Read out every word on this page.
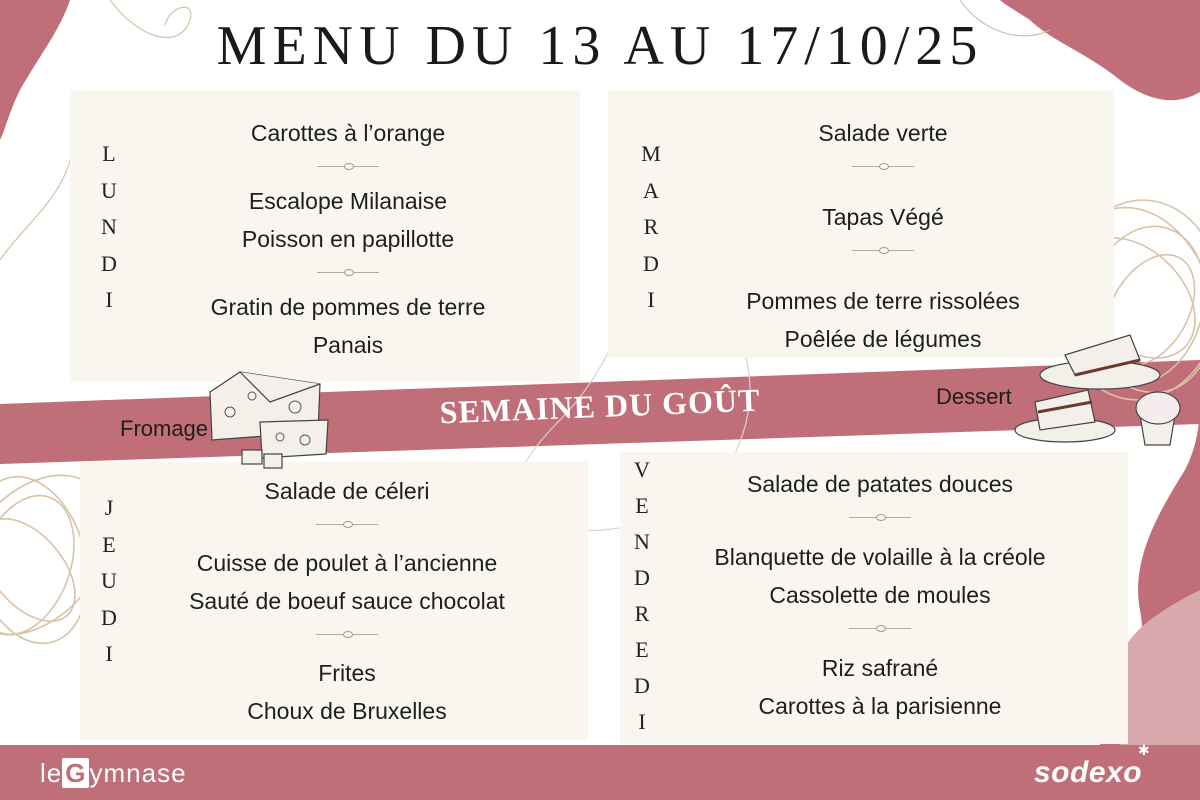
MENU DU 13 AU 17/10/25
L
U
N
D
I
Carottes à l’orange
Escalope Milanaise
Poisson en papillotte
Gratin de pommes de terre
Panais
M
A
R
D
I
Salade verte
Tapas Végé
Pommes de terre rissolées
Poêlée de légumes
J
E
U
D
I
Salade de céleri
Cuisse de poulet à l’ancienne
Sauté de boeuf sauce chocolat
Frites
Choux de Bruxelles
V
E
N
D
R
E
D
I
Salade de patates douces
Blanquette de volaille à la créole
Cassolette de moules
Riz safrané
Carottes à la parisienne
SEMAINE DU GOÛT
Fromage
Dessert
le G ymnase	sodexo
✱
